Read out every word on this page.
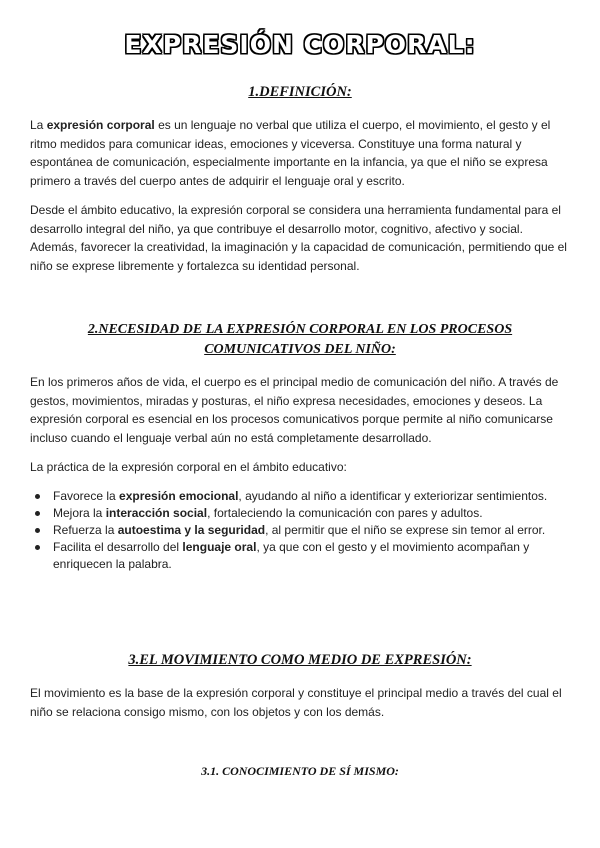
EXPRESIÓN CORPORAL:
1.DEFINICIÓN:

La expresión corporal es un lenguaje no verbal que utiliza el cuerpo, el movimiento, el gesto y el ritmo medidos para comunicar ideas, emociones y viceversa. Constituye una forma natural y espontánea de comunicación, especialmente importante en la infancia, ya que el niño se expresa primero a través del cuerpo antes de adquirir el lenguaje oral y escrito.

Desde el ámbito educativo, la expresión corporal se considera una herramienta fundamental para el desarrollo integral del niño, ya que contribuye el desarrollo motor, cognitivo, afectivo y social. Además, favorecer la creatividad, la imaginación y la capacidad de comunicación, permitiendo que el niño se exprese libremente y fortalezca su identidad personal.

2.NECESIDAD DE LA EXPRESIÓN CORPORAL EN LOS PROCESOS
COMUNICATIVOS DEL NIÑO:

En los primeros años de vida, el cuerpo es el principal medio de comunicación del niño. A través de gestos, movimientos, miradas y posturas, el niño expresa necesidades, emociones y deseos. La expresión corporal es esencial en los procesos comunicativos porque permite al niño comunicarse incluso cuando el lenguaje verbal aún no está completamente desarrollado.

La práctica de la expresión corporal en el ámbito educativo:

Favorece la expresión emocional, ayudando al niño a identificar y exteriorizar sentimientos.
Mejora la interacción social, fortaleciendo la comunicación con pares y adultos.
Refuerza la autoestima y la seguridad, al permitir que el niño se exprese sin temor al error.
Facilita el desarrollo del lenguaje oral, ya que con el gesto y el movimiento acompañan y enriquecen la palabra.
3.EL MOVIMIENTO COMO MEDIO DE EXPRESIÓN:

El movimiento es la base de la expresión corporal y constituye el principal medio a través del cual el niño se relaciona consigo mismo, con los objetos y con los demás.

3.1. CONOCIMIENTO DE SÍ MISMO:
